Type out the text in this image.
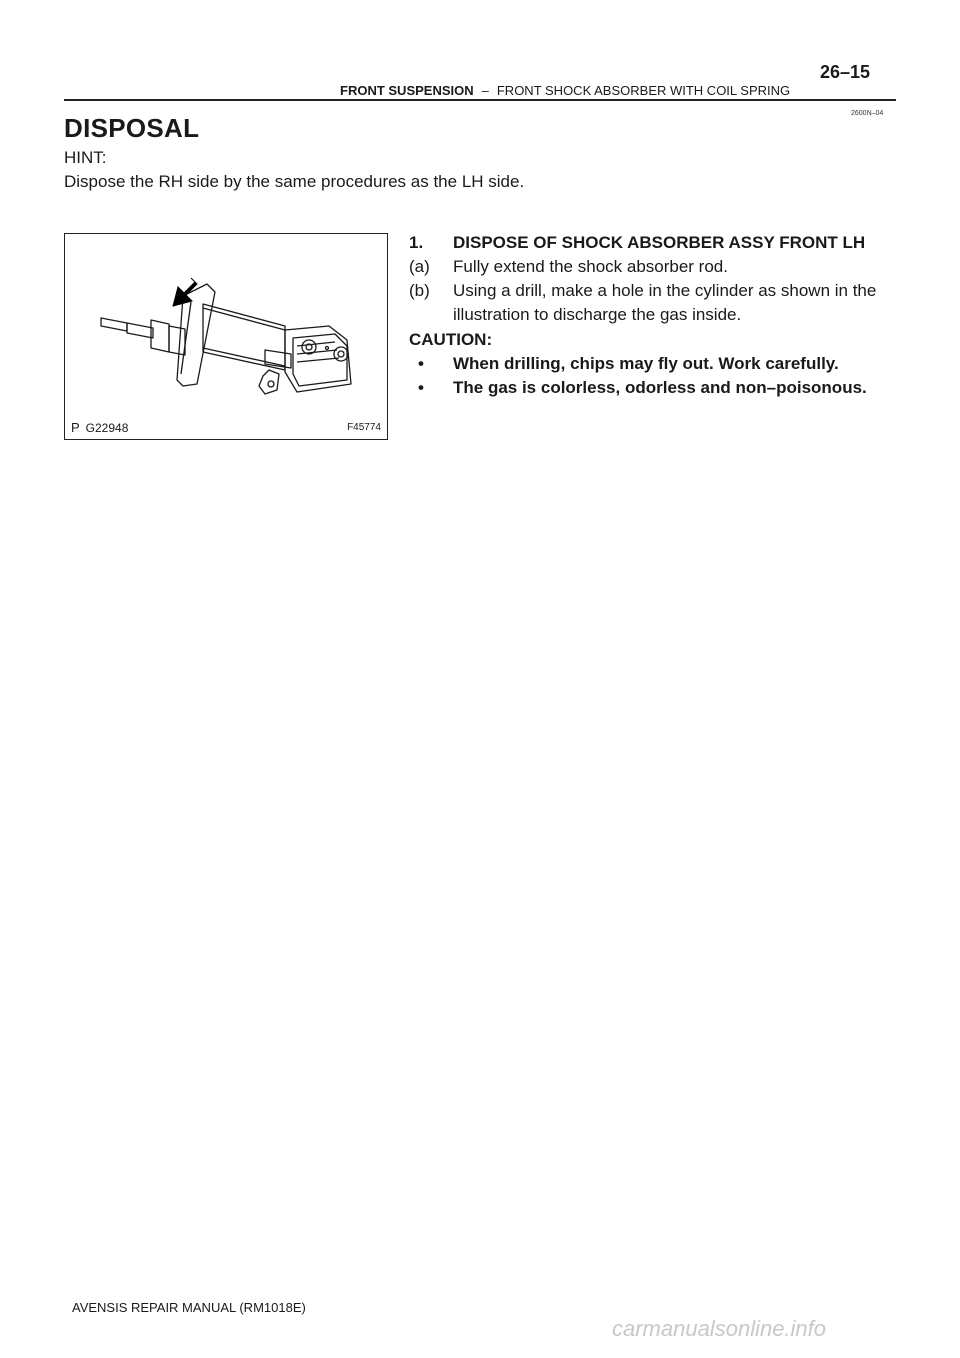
26–15
FRONT SUSPENSION – FRONT SHOCK ABSORBER WITH COIL SPRING
2600N–04
DISPOSAL
HINT:
Dispose the RH side by the same procedures as the LH side.
P G22948	F45774
1. DISPOSE OF SHOCK ABSORBER ASSY FRONT LH
(a) Fully extend the shock absorber rod.
(b) Using a drill, make a hole in the cylinder as shown in the
illustration to discharge the gas inside.
CAUTION:
• When drilling, chips may fly out. Work carefully.
• The gas is colorless, odorless and non–poisonous.
AVENSIS REPAIR MANUAL (RM1018E)
carmanualsonline.info
